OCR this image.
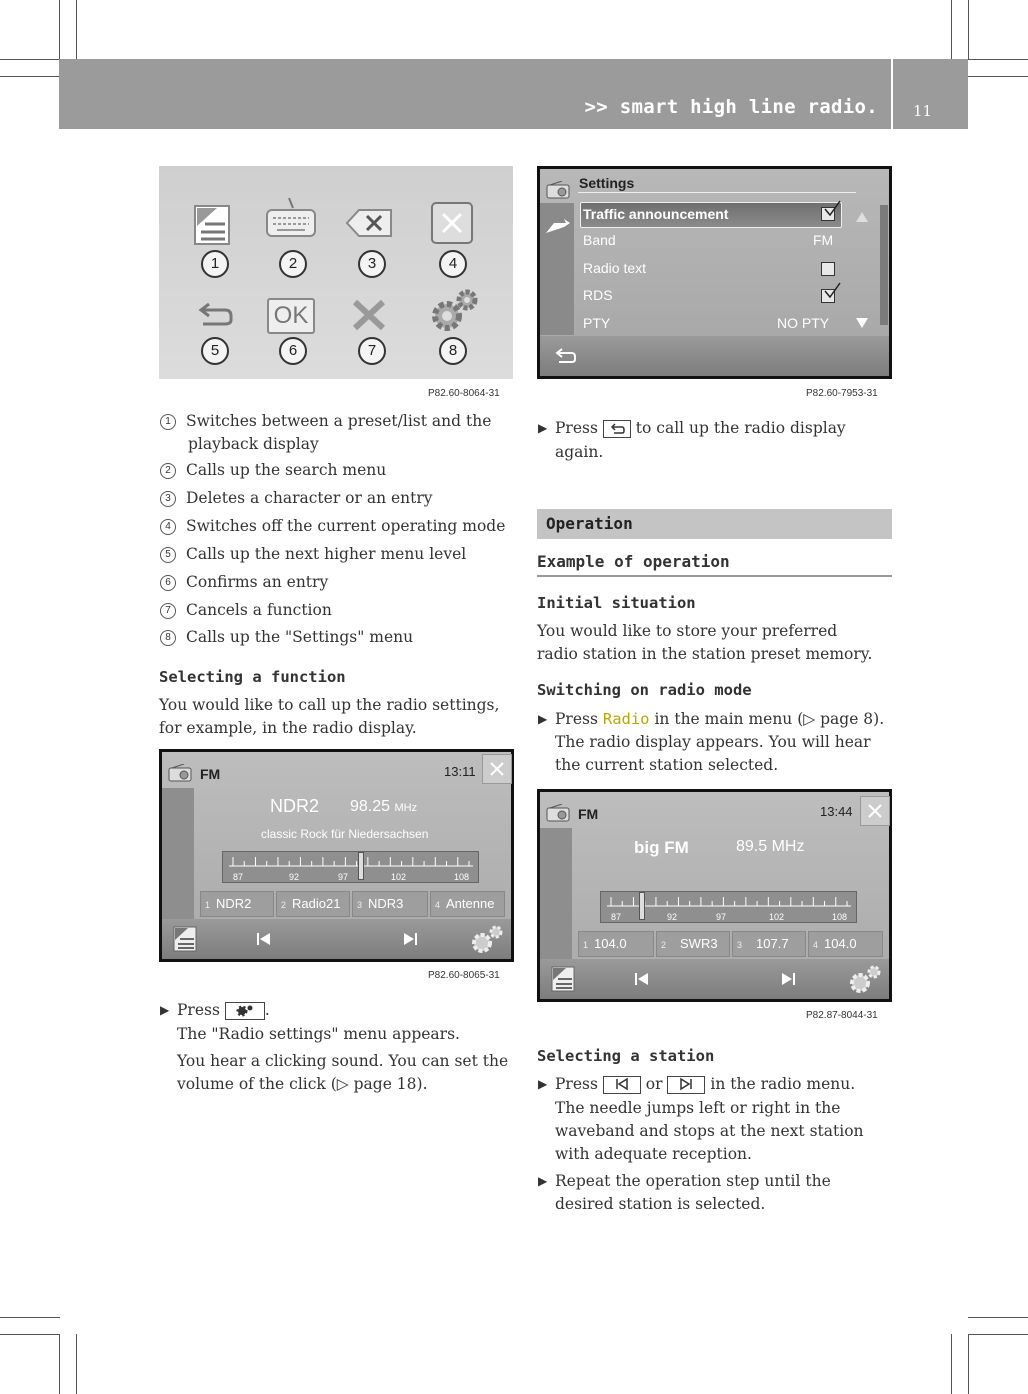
>> smart high line radio. 11
1	2	3	4
OK
5	6	7	8
P82.60-8064-31
1 Switches between a preset/list and the
playback display
2 Calls up the search menu
3 Deletes a character or an entry
4 Switches off the current operating mode
5 Calls up the next higher menu level
6 Confirms an entry
7 Cancels a function
8 Calls up the "Settings" menu
Selecting a function
You would like to call up the radio settings,
for example, in the radio display.
FM	13:11
NDR2 98.25 MHz
classic Rock für Niedersachsen
87	92	97	102	108
1 NDR2	2 Radio21	3 NDR3	4 Antenne
P82.60-8065-31
▶ Press	.
The "Radio settings" menu appears.
You hear a clicking sound. You can set the
volume of the click (▷ page 18).
Settings
Traffic announcement
Band	FM
Radio text
RDS
PTY	NO PTY
P82.60-7953-31
▶ Press to call up the radio display
again.
Operation
Example of operation
Initial situation
You would like to store your preferred
radio station in the station preset memory.
Switching on radio mode
▶ Press Radio in the main menu (▷ page 8).
The radio display appears. You will hear
the current station selected.
FM	13:44
big FM	89.5 MHz
87	92	97	102	108
1 104.0	2 SWR3	3 107.7	4 104.0
P82.87-8044-31
Selecting a station
▶ Press	or	in the radio menu.
The needle jumps left or right in the
waveband and stops at the next station
with adequate reception.
▶ Repeat the operation step until the
desired station is selected.
